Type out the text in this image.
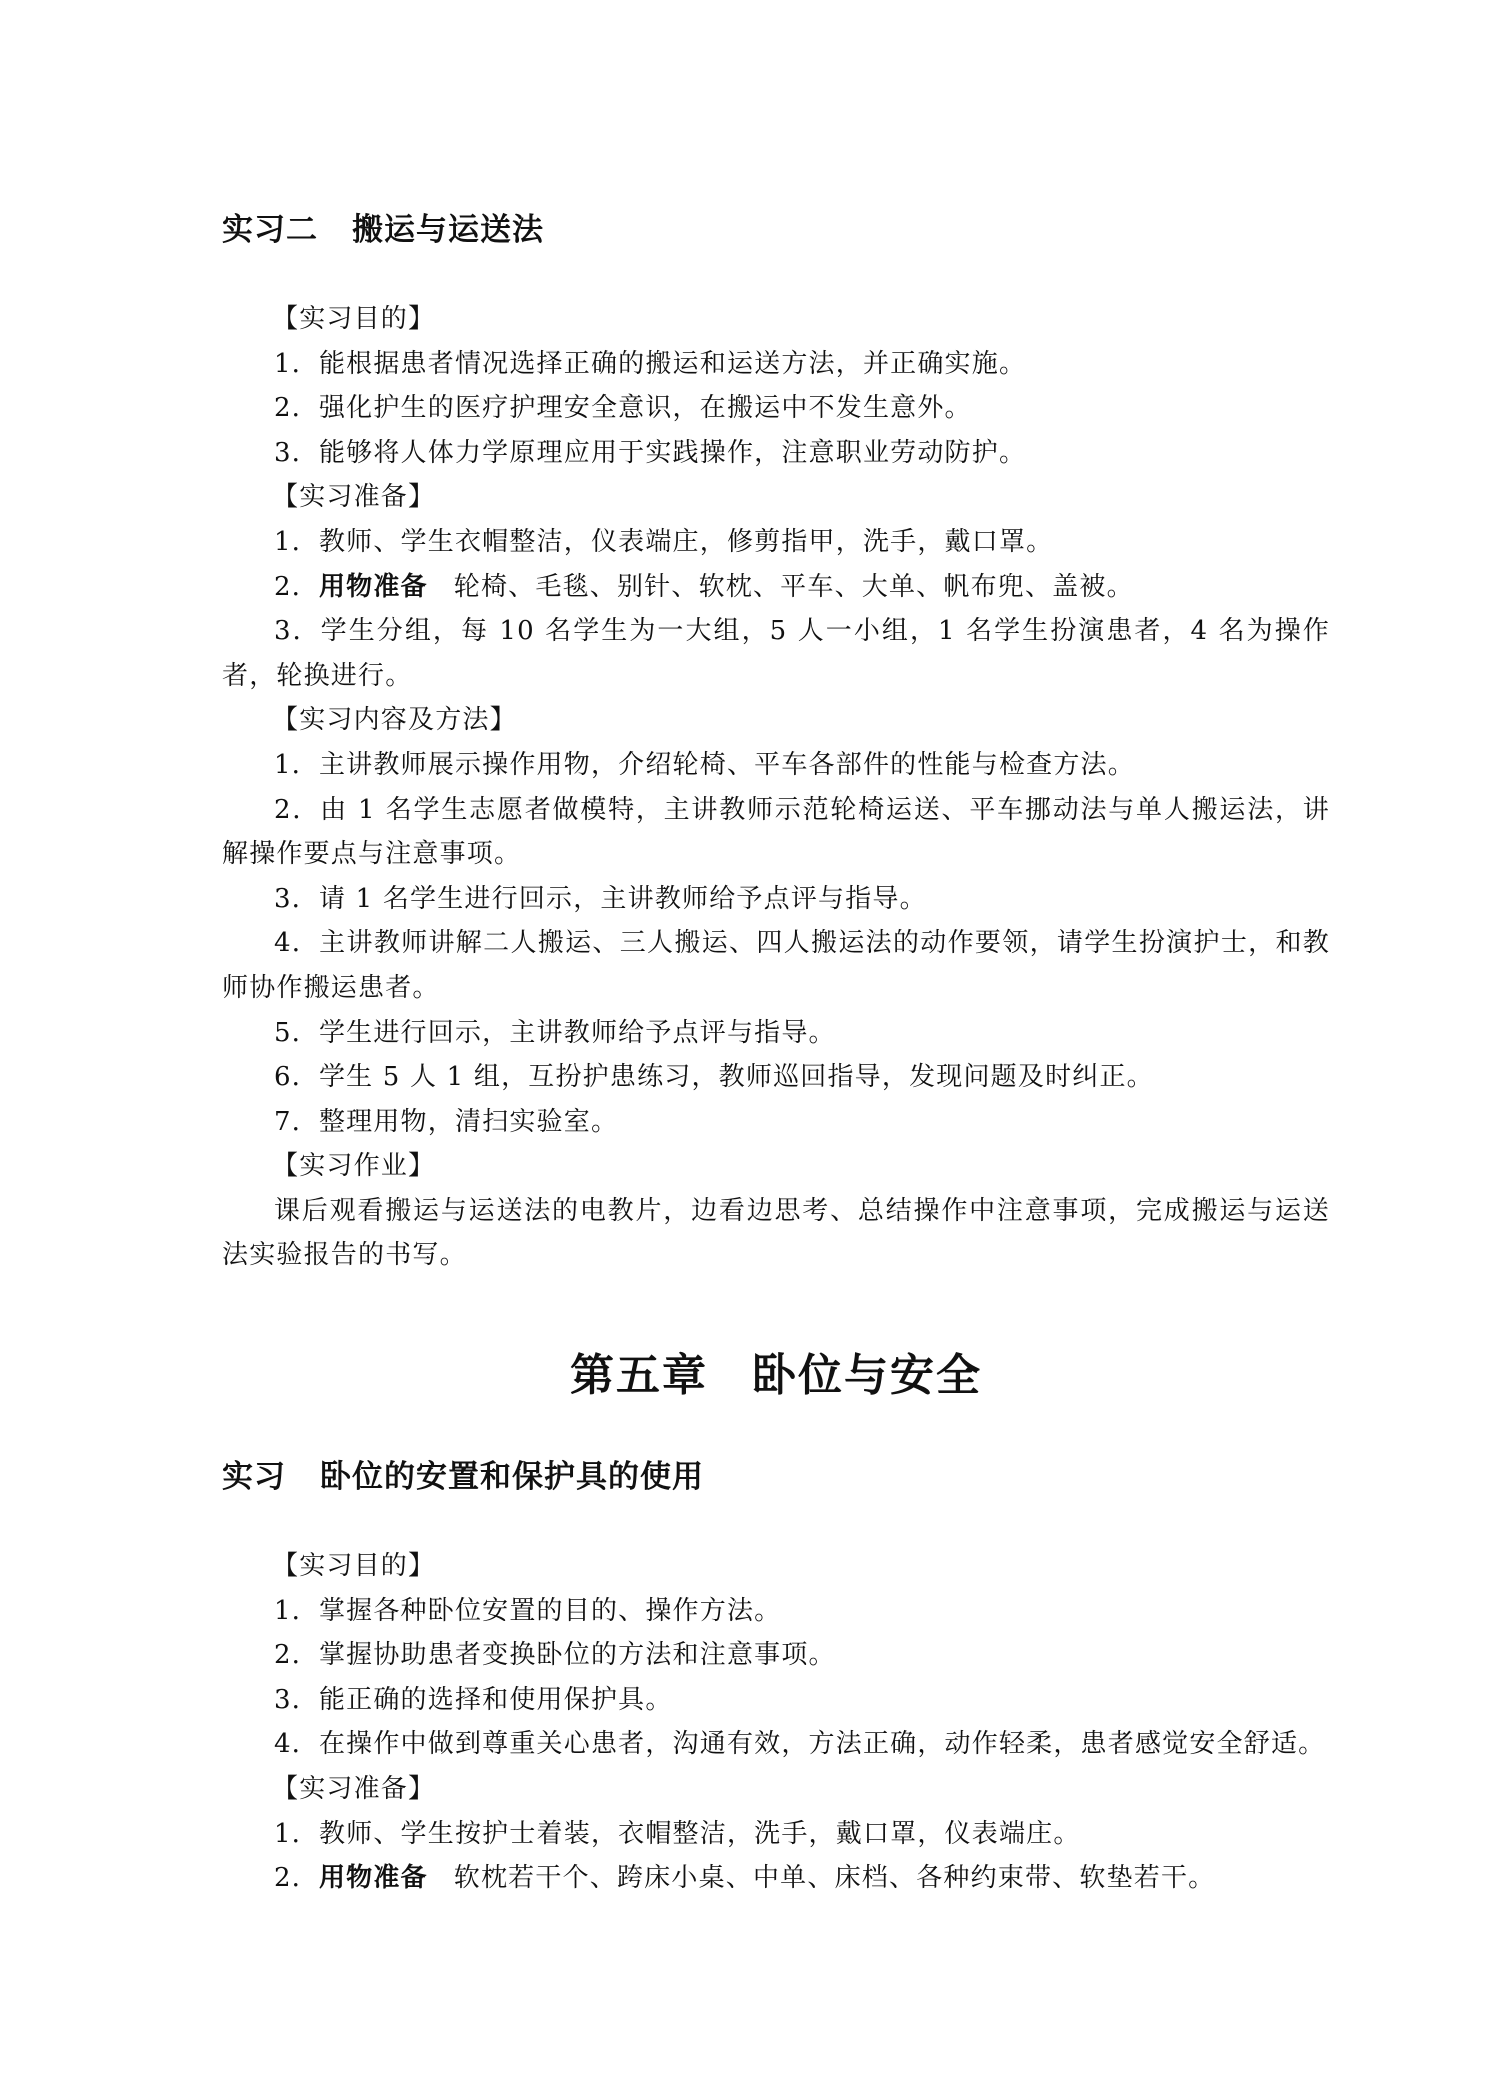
实习二 搬运与运送法

【实习目的】

1．能根据患者情况选择正确的搬运和运送方法，并正确实施。

2．强化护生的医疗护理安全意识，在搬运中不发生意外。

3．能够将人体力学原理应用于实践操作，注意职业劳动防护。

【实习准备】

1．教师、学生衣帽整洁，仪表端庄，修剪指甲，洗手，戴口罩。

2．用物准备 轮椅、毛毯、别针、软枕、平车、大单、帆布兜、盖被。

3．学生分组，每 10 名学生为一大组，5 人一小组，1 名学生扮演患者，4 名为操作者，轮换进行。

【实习内容及方法】

1．主讲教师展示操作用物，介绍轮椅、平车各部件的性能与检查方法。

2．由 1 名学生志愿者做模特，主讲教师示范轮椅运送、平车挪动法与单人搬运法，讲解操作要点与注意事项。

3．请 1 名学生进行回示，主讲教师给予点评与指导。

4．主讲教师讲解二人搬运、三人搬运、四人搬运法的动作要领，请学生扮演护士，和教师协作搬运患者。

5．学生进行回示，主讲教师给予点评与指导。

6．学生 5 人 1 组，互扮护患练习，教师巡回指导，发现问题及时纠正。

7．整理用物，清扫实验室。

【实习作业】

课后观看搬运与运送法的电教片，边看边思考、总结操作中注意事项，完成搬运与运送法实验报告的书写。

第五章 卧位与安全
实习 卧位的安置和保护具的使用

【实习目的】

1．掌握各种卧位安置的目的、操作方法。

2．掌握协助患者变换卧位的方法和注意事项。

3．能正确的选择和使用保护具。

4．在操作中做到尊重关心患者，沟通有效，方法正确，动作轻柔，患者感觉安全舒适。

【实习准备】

1．教师、学生按护士着装，衣帽整洁，洗手，戴口罩，仪表端庄。

2．用物准备 软枕若干个、跨床小桌、中单、床档、各种约束带、软垫若干。
